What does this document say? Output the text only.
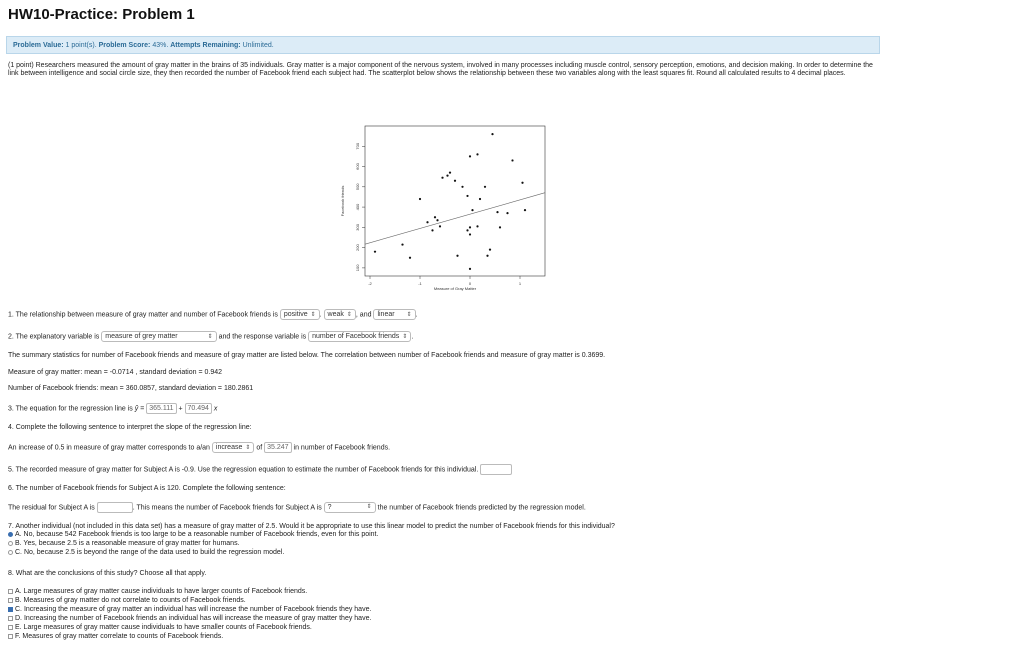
HW10-Practice: Problem 1
Problem Value: 1 point(s). Problem Score: 43%. Attempts Remaining: Unlimited.
(1 point) Researchers measured the amount of gray matter in the brains of 35 individuals. Gray matter is a major component of the nervous system, involved in many processes including muscle control, sensory perception, emotions, and decision making. In order to determine the link between intelligence and social circle size, they then recorded the number of Facebook friend each subject had. The scatterplot below shows the relationship between these two variables along with the least squares fit. Round all calculated results to 4 decimal places.
-2	-1	0	1
100
200
300
400
500
600
700
Measure of Gray Matter
Facebook friends
1. The relationship between measure of gray matter and number of Facebook friends is positive ⇕ . weak ⇕ , and linear ⇕ .
2. The explanatory variable is measure of grey matter	⇕ and the response variable is number of Facebook friends ⇕ .
The summary statistics for number of Facebook friends and measure of gray matter are listed below. The correlation between number of Facebook friends and measure of gray matter is 0.3699.
Measure of gray matter: mean = -0.0714 , standard deviation = 0.942
Number of Facebook friends: mean = 360.0857, standard deviation = 180.2861
3. The equation for the regression line is ŷ = 365.111 + 70.494 x
4. Complete the following sentence to interpret the slope of the regression line:
An increase of 0.5 in measure of gray matter corresponds to a/an increase ⇕ of 35.247 in number of Facebook friends.
5. The recorded measure of gray matter for Subject A is -0.9. Use the regression equation to estimate the number of Facebook friends for this individual.
6. The number of Facebook friends for Subject A is 120. Complete the following sentence:
The residual for Subject A is	. This means the number of Facebook friends for Subject A is ?	⇕ the number of Facebook friends predicted by the regression model.
7. Another individual (not included in this data set) has a measure of gray matter of 2.5. Would it be appropriate to use this linear model to predict the number of Facebook friends for this individual?
A. No, because 542 Facebook friends is too large to be a reasonable number of Facebook friends, even for this point.
B. Yes, because 2.5 is a reasonable measure of gray matter for humans.
C. No, because 2.5 is beyond the range of the data used to build the regression model.
8. What are the conclusions of this study? Choose all that apply.
A. Large measures of gray matter cause individuals to have larger counts of Facebook friends.
B. Measures of gray matter do not correlate to counts of Facebook friends.
C. Increasing the measure of gray matter an individual has will increase the number of Facebook friends they have.
D. Increasing the number of Facebook friends an individual has will increase the measure of gray matter they have.
E. Large measures of gray matter cause individuals to have smaller counts of Facebook friends.
F. Measures of gray matter correlate to counts of Facebook friends.
